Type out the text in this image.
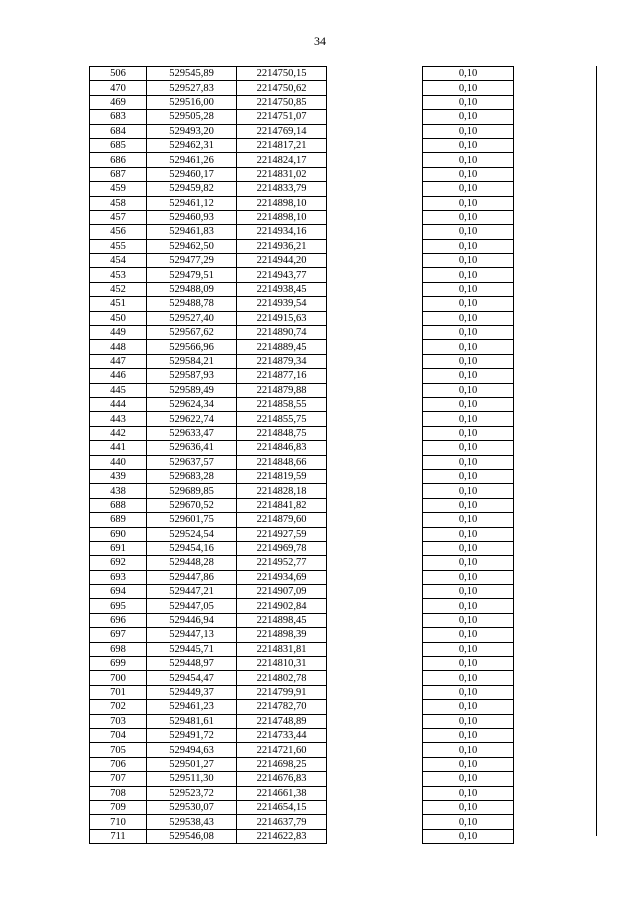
34
506	529545,89	2214750,15		0,10	
470	529527,83	2214750,62		0,10	
469	529516,00	2214750,85		0,10	
683	529505,28	2214751,07		0,10	
684	529493,20	2214769,14		0,10	
685	529462,31	2214817,21		0,10	
686	529461,26	2214824,17		0,10	
687	529460,17	2214831,02		0,10	
459	529459,82	2214833,79		0,10	
458	529461,12	2214898,10		0,10	
457	529460,93	2214898,10		0,10	
456	529461,83	2214934,16		0,10	
455	529462,50	2214936,21		0,10	
454	529477,29	2214944,20		0,10	
453	529479,51	2214943,77		0,10	
452	529488,09	2214938,45		0,10	
451	529488,78	2214939,54		0,10	
450	529527,40	2214915,63		0,10	
449	529567,62	2214890,74		0,10	
448	529566,96	2214889,45		0,10	
447	529584,21	2214879,34		0,10	
446	529587,93	2214877,16		0,10	
445	529589,49	2214879,88		0,10	
444	529624,34	2214858,55		0,10	
443	529622,74	2214855,75		0,10	
442	529633,47	2214848,75		0,10	
441	529636,41	2214846,83		0,10	
440	529637,57	2214848,66		0,10	
439	529683,28	2214819,59		0,10	
438	529689,85	2214828,18		0,10	
688	529670,52	2214841,82		0,10	
689	529601,75	2214879,60		0,10	
690	529524,54	2214927,59		0,10	
691	529454,16	2214969,78		0,10	
692	529448,28	2214952,77		0,10	
693	529447,86	2214934,69		0,10	
694	529447,21	2214907,09		0,10	
695	529447,05	2214902,84		0,10	
696	529446,94	2214898,45		0,10	
697	529447,13	2214898,39		0,10	
698	529445,71	2214831,81		0,10	
699	529448,97	2214810,31		0,10	
700	529454,47	2214802,78		0,10	
701	529449,37	2214799,91		0,10	
702	529461,23	2214782,70		0,10	
703	529481,61	2214748,89		0,10	
704	529491,72	2214733,44		0,10	
705	529494,63	2214721,60		0,10	
706	529501,27	2214698,25		0,10	
707	529511,30	2214676,83		0,10	
708	529523,72	2214661,38		0,10	
709	529530,07	2214654,15		0,10	
710	529538,43	2214637,79		0,10	
711	529546,08	2214622,83		0,10	
